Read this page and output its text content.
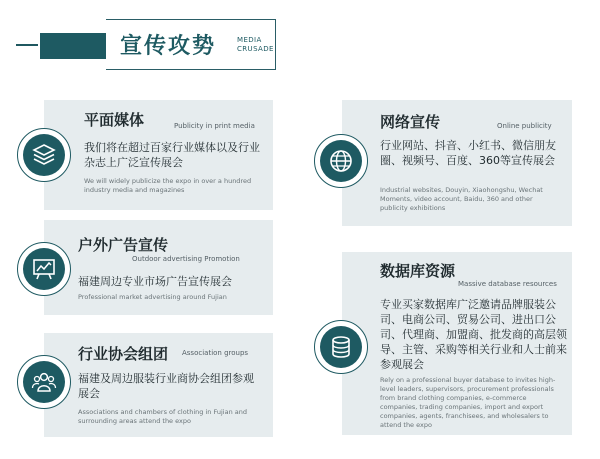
宣传攻势	MEDIA
CRUSADE
平面媒体	Publicity in print media
我们将在超过百家行业媒体以及行业杂志上广泛宣传展会
We will widely publicize the expo in over a hundred industry media and magazines
户外广告宣传
Outdoor advertising Promotion
福建周边专业市场广告宣传展会
Professional market advertising around Fujian
行业协会组团 Association groups
福建及周边服装行业商协会组团参观展会
Associations and chambers of clothing in Fujian and surrounding areas attend the expo
网络宣传	Online publicity
行业网站、抖音、小红书、微信朋友圈、视频号、百度、360等宣传展会
Industrial websites, Douyin, Xiaohongshu, Wechat Moments, video account, Baidu, 360 and other publicity exhibitions
数据库资源
Massive database resources
专业买家数据库广泛邀请品牌服装公司、电商公司、贸易公司、进出口公司、代理商、加盟商、批发商的高层领导、主管、采购等相关行业和人士前来参观展会
Rely on a professional buyer database to invites high-level leaders, supervisors, procurement professionals from brand clothing companies, e-commerce companies, trading companies, import and export companies, agents, franchisees, and wholesalers to attend the expo
